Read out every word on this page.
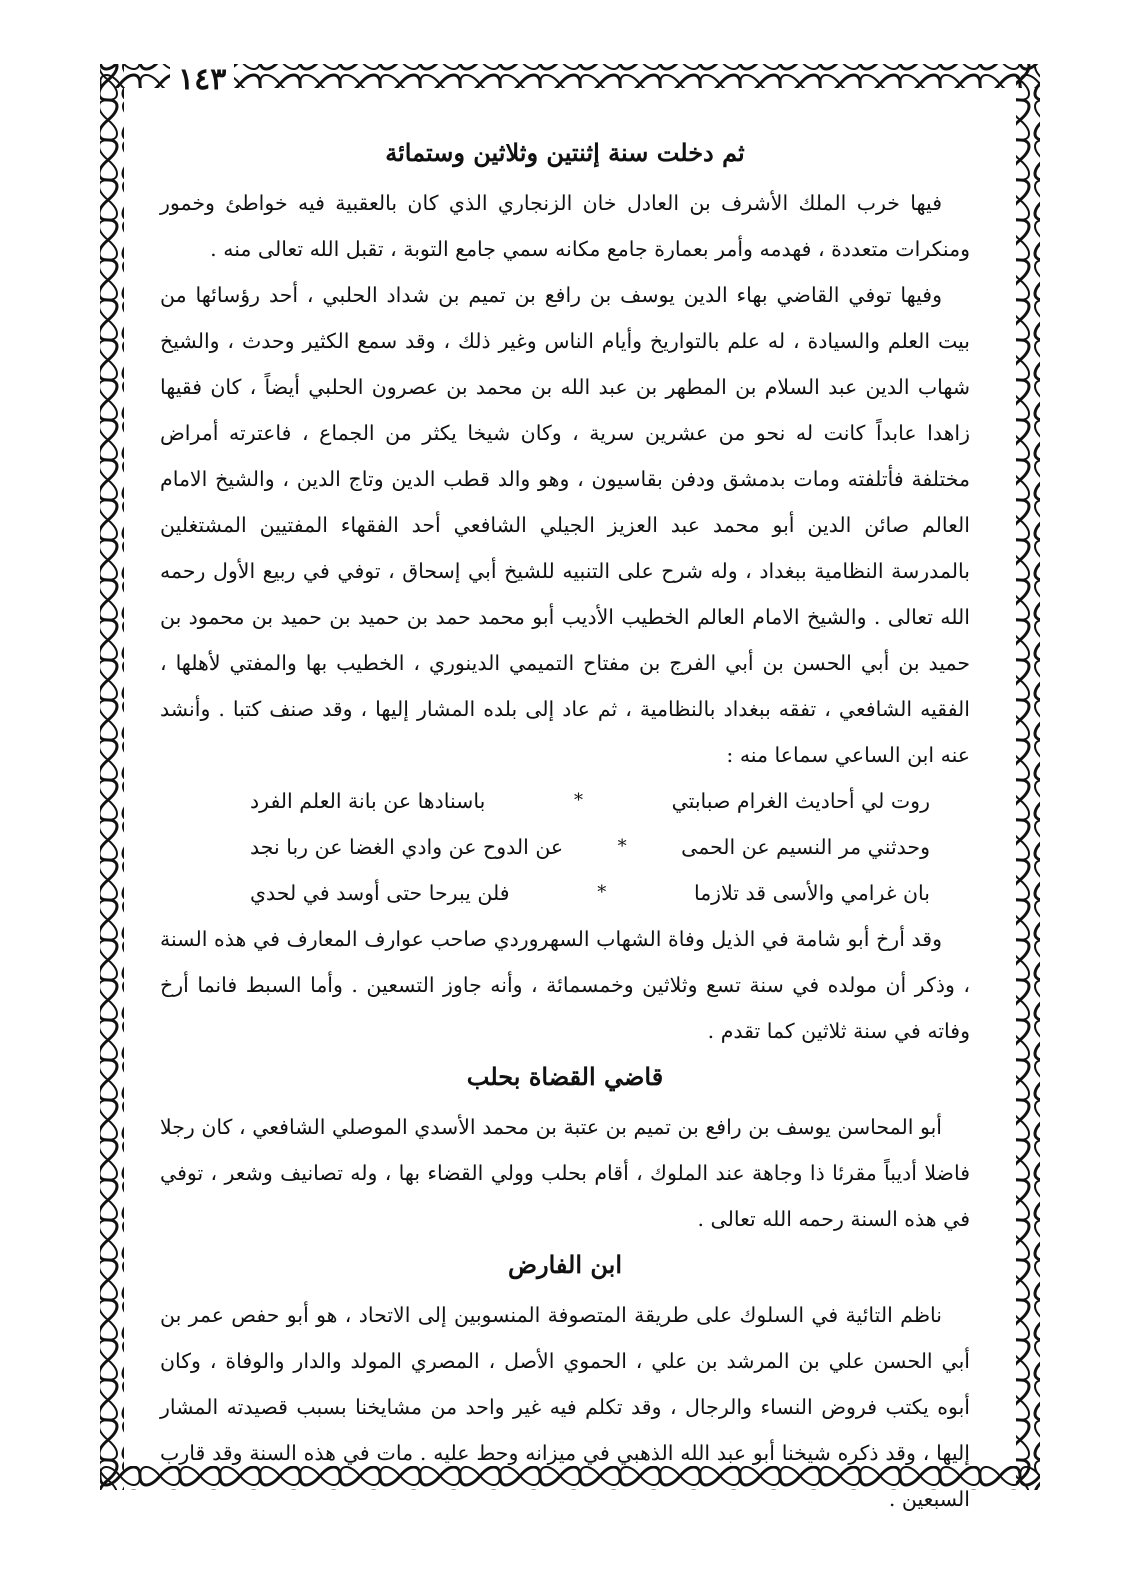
١٤٣
ثم دخلت سنة إثنتين وثلاثين وستمائة

فيها خرب الملك الأشرف بن العادل خان الزنجاري الذي كان بالعقبية فيه خواطئ وخمور ومنكرات متعددة ، فهدمه وأمر بعمارة جامع مكانه سمي جامع التوبة ، تقبل الله تعالى منه .

وفيها توفي القاضي بهاء الدين يوسف بن رافع بن تميم بن شداد الحلبي ، أحد رؤسائها من بيت العلم والسيادة ، له علم بالتواريخ وأيام الناس وغير ذلك ، وقد سمع الكثير وحدث ، والشيخ شهاب الدين عبد السلام بن المطهر بن عبد الله بن محمد بن عصرون الحلبي أيضاً ، كان فقيها زاهدا عابداً كانت له نحو من عشرين سرية ، وكان شيخا يكثر من الجماع ، فاعترته أمراض مختلفة فأتلفته ومات بدمشق ودفن بقاسيون ، وهو والد قطب الدين وتاج الدين ، والشيخ الامام العالم صائن الدين أبو محمد عبد العزيز الجيلي الشافعي أحد الفقهاء المفتيين المشتغلين بالمدرسة النظامية ببغداد ، وله شرح على التنبيه للشيخ أبي إسحاق ، توفي في ربيع الأول رحمه الله تعالى . والشيخ الامام العالم الخطيب الأديب أبو محمد حمد بن حميد بن حميد بن محمود بن حميد بن أبي الحسن بن أبي الفرج بن مفتاح التميمي الدينوري ، الخطيب بها والمفتي لأهلها ، الفقيه الشافعي ، تفقه ببغداد بالنظامية ، ثم عاد إلى بلده المشار إليها ، وقد صنف كتبا . وأنشد عنه ابن الساعي سماعا منه :

روت لي أحاديث الغرام صبابتي
*
باسنادها عن بانة العلم الفرد
وحدثني مر النسيم عن الحمى
*
عن الدوح عن وادي الغضا عن ربا نجد
بان غرامي والأسى قد تلازما
*
فلن يبرحا حتى أوسد في لحدي

وقد أرخ أبو شامة في الذيل وفاة الشهاب السهروردي صاحب عوارف المعارف في هذه السنة ، وذكر أن مولده في سنة تسع وثلاثين وخمسمائة ، وأنه جاوز التسعين . وأما السبط فانما أرخ وفاته في سنة ثلاثين كما تقدم .

قاضي القضاة بحلب

أبو المحاسن يوسف بن رافع بن تميم بن عتبة بن محمد الأسدي الموصلي الشافعي ، كان رجلا فاضلا أديباً مقرئا ذا وجاهة عند الملوك ، أقام بحلب وولي القضاء بها ، وله تصانيف وشعر ، توفي في هذه السنة رحمه الله تعالى .

ابن الفارض

ناظم التائية في السلوك على طريقة المتصوفة المنسوبين إلى الاتحاد ، هو أبو حفص عمر بن أبي الحسن علي بن المرشد بن علي ، الحموي الأصل ، المصري المولد والدار والوفاة ، وكان أبوه يكتب فروض النساء والرجال ، وقد تكلم فيه غير واحد من مشايخنا بسبب قصيدته المشار إليها ، وقد ذكره شيخنا أبو عبد الله الذهبي في ميزانه وحط عليه . مات في هذه السنة وقد قارب السبعين .
